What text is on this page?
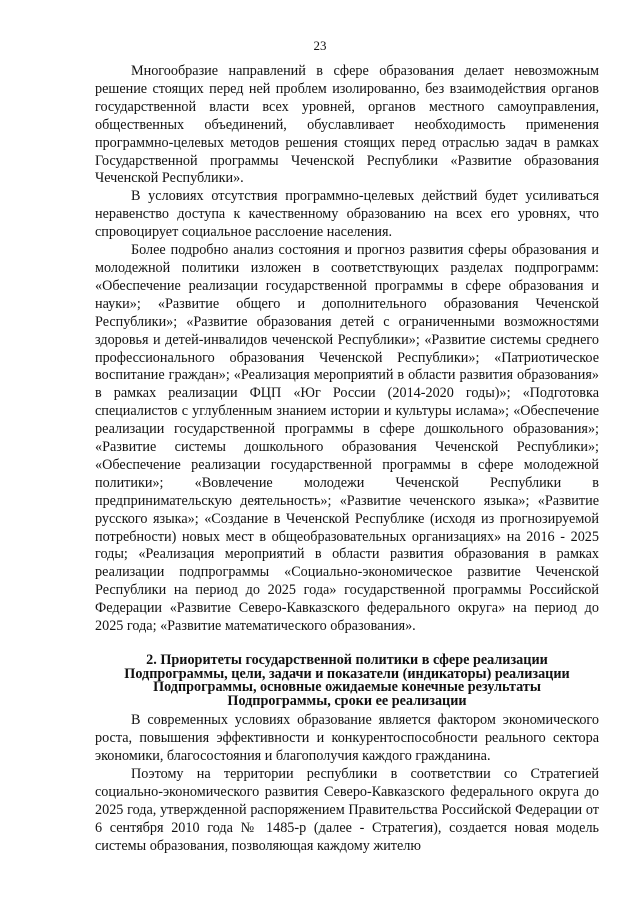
23

Многообразие направлений в сфере образования делает невозможным решение стоящих перед ней проблем изолированно, без взаимодействия органов государственной власти всех уровней, органов местного самоуправления, общественных объединений, обуславливает необходимость применения программно-целевых методов решения стоящих перед отраслью задач в рамках Государственной программы Чеченской Республики «Развитие образования Чеченской Республики».

В условиях отсутствия программно-целевых действий будет усиливаться неравенство доступа к качественному образованию на всех его уровнях, что спровоцирует социальное расслоение населения.

Более подробно анализ состояния и прогноз развития сферы образования и молодежной политики изложен в соответствующих разделах подпрограмм: «Обеспечение реализации государственной программы в сфере образования и науки»; «Развитие общего и дополнительного образования Чеченской Республики»; «Развитие образования детей с ограниченными возможностями здоровья и детей-инвалидов чеченской Республики»; «Развитие системы среднего профессионального образования Чеченской Республики»; «Патриотическое воспитание граждан»; «Реализация мероприятий в области развития образования» в рамках реализации ФЦП «Юг России (2014-2020 годы)»; «Подготовка специалистов с углубленным знанием истории и культуры ислама»; «Обеспечение реализации государственной программы в сфере дошкольного образования»; «Развитие системы дошкольного образования Чеченской Республики»; «Обеспечение реализации государственной программы в сфере молодежной политики»; «Вовлечение молодежи Чеченской Республики в предпринимательскую деятельность»; «Развитие чеченского языка»; «Развитие русского языка»; «Создание в Чеченской Республике (исходя из прогнозируемой потребности) новых мест в общеобразовательных организациях» на 2016 - 2025 годы; «Реализация мероприятий в области развития образования в рамках реализации подпрограммы «Социально-экономическое развитие Чеченской Республики на период до 2025 года» государственной программы Российской Федерации «Развитие Северо-Кавказского федерального округа» на период до 2025 года; «Развитие математического образования».

2. Приоритеты государственной политики в сфере реализации
Подпрограммы, цели, задачи и показатели (индикаторы) реализации
Подпрограммы, основные ожидаемые конечные результаты
Подпрограммы, сроки ее реализации

В современных условиях образование является фактором экономического роста, повышения эффективности и конкурентоспособности реального сектора экономики, благосостояния и благополучия каждого гражданина.

Поэтому на территории республики в соответствии со Стратегией социально-экономического развития Северо-Кавказского федерального округа до 2025 года, утвержденной распоряжением Правительства Российской Федерации от 6 сентября 2010 года № 1485-р (далее - Стратегия), создается новая модель системы образования, позволяющая каждому жителю
